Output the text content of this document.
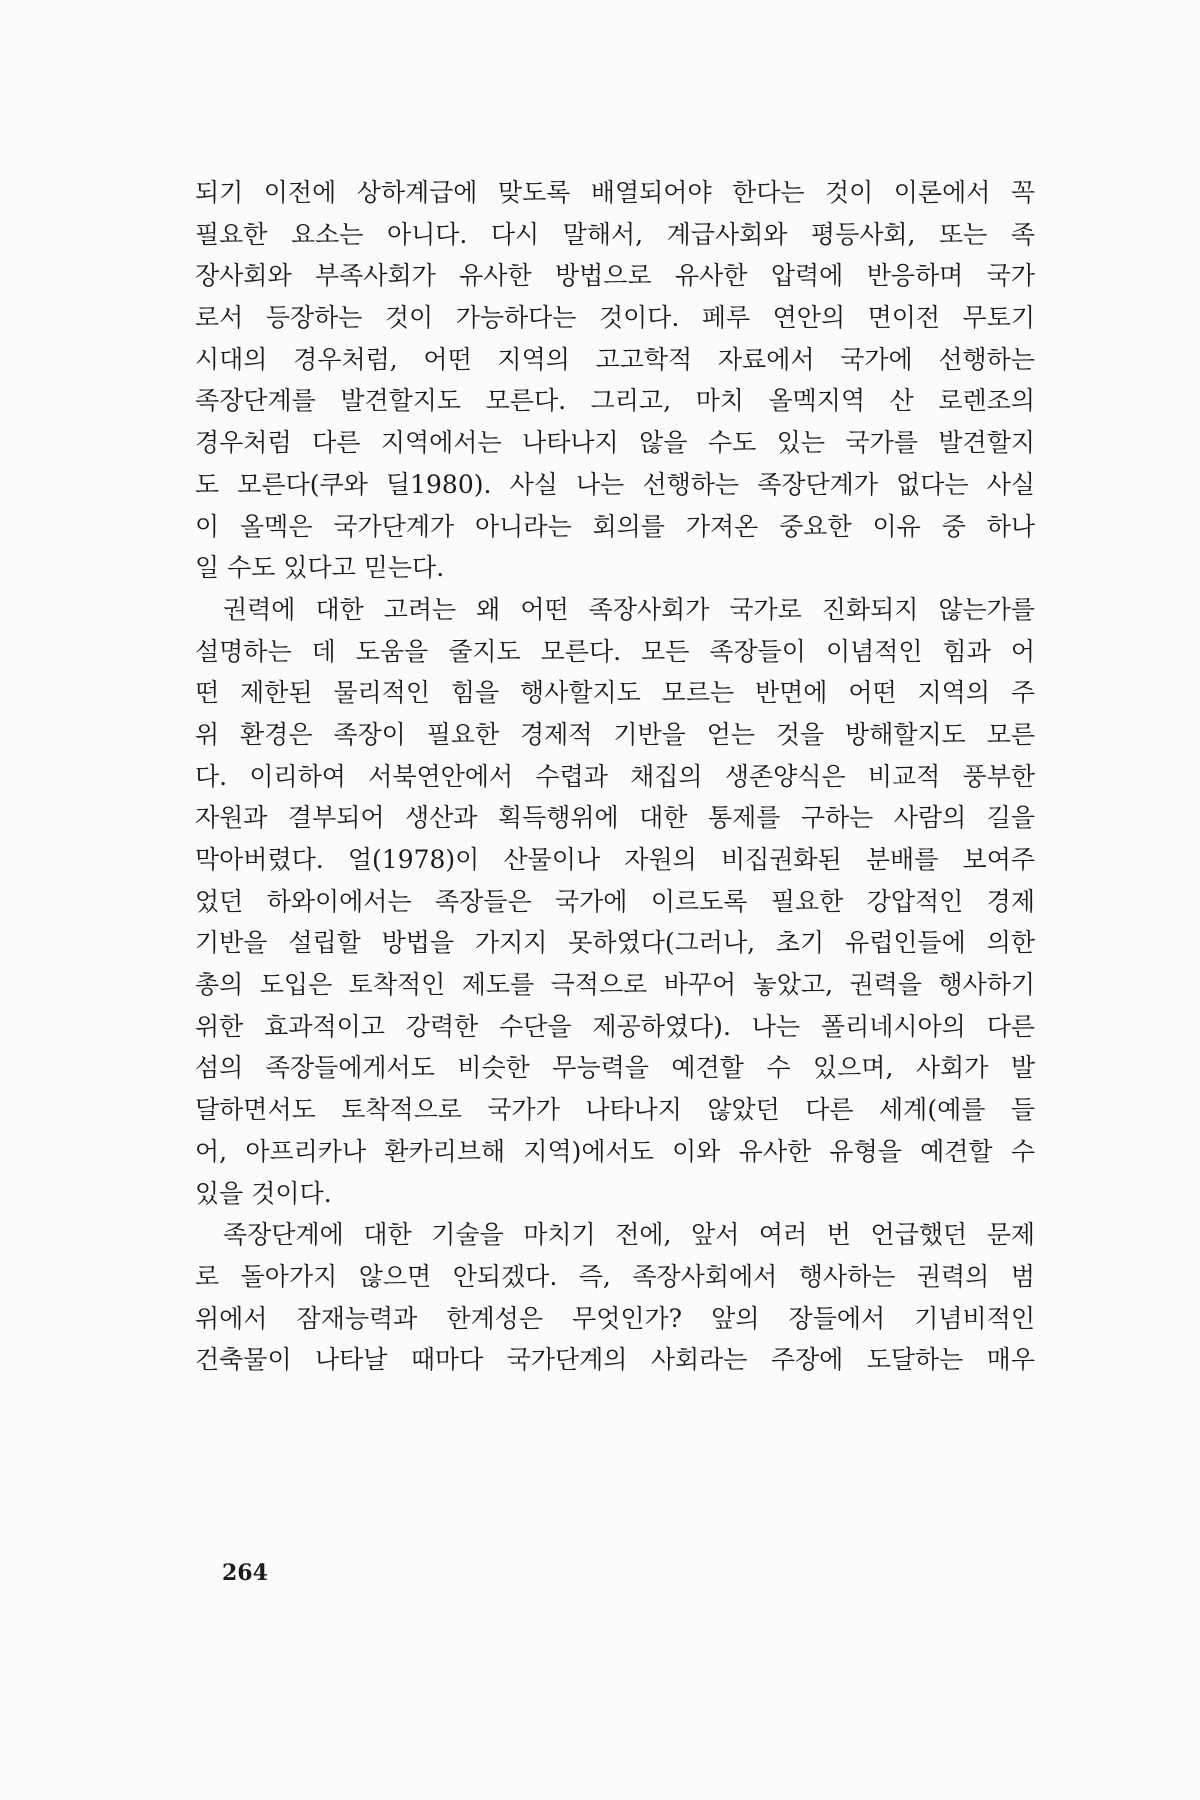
되기 이전에 상하계급에 맞도록 배열되어야 한다는 것이 이론에서 꼭
필요한 요소는 아니다. 다시 말해서, 계급사회와 평등사회, 또는 족
장사회와 부족사회가 유사한 방법으로 유사한 압력에 반응하며 국가
로서 등장하는 것이 가능하다는 것이다. 페루 연안의 면이전 무토기
시대의 경우처럼, 어떤 지역의 고고학적 자료에서 국가에 선행하는
족장단계를 발견할지도 모른다. 그리고, 마치 올멕지역 산 로렌조의
경우처럼 다른 지역에서는 나타나지 않을 수도 있는 국가를 발견할지
도 모른다(쿠와 딜1980). 사실 나는 선행하는 족장단계가 없다는 사실
이 올멕은 국가단계가 아니라는 회의를 가져온 중요한 이유 중 하나
일 수도 있다고 믿는다.
권력에 대한 고려는 왜 어떤 족장사회가 국가로 진화되지 않는가를
설명하는 데 도움을 줄지도 모른다. 모든 족장들이 이념적인 힘과 어
떤 제한된 물리적인 힘을 행사할지도 모르는 반면에 어떤 지역의 주
위 환경은 족장이 필요한 경제적 기반을 얻는 것을 방해할지도 모른
다. 이리하여 서북연안에서 수렵과 채집의 생존양식은 비교적 풍부한
자원과 결부되어 생산과 획득행위에 대한 통제를 구하는 사람의 길을
막아버렸다. 얼(1978)이 산물이나 자원의 비집권화된 분배를 보여주
었던 하와이에서는 족장들은 국가에 이르도록 필요한 강압적인 경제
기반을 설립할 방법을 가지지 못하였다(그러나, 초기 유럽인들에 의한
총의 도입은 토착적인 제도를 극적으로 바꾸어 놓았고, 권력을 행사하기
위한 효과적이고 강력한 수단을 제공하였다). 나는 폴리네시아의 다른
섬의 족장들에게서도 비슷한 무능력을 예견할 수 있으며, 사회가 발
달하면서도 토착적으로 국가가 나타나지 않았던 다른 세계(예를 들
어, 아프리카나 환카리브해 지역)에서도 이와 유사한 유형을 예견할 수
있을 것이다.
족장단계에 대한 기술을 마치기 전에, 앞서 여러 번 언급했던 문제
로 돌아가지 않으면 안되겠다. 즉, 족장사회에서 행사하는 권력의 범
위에서 잠재능력과 한계성은 무엇인가? 앞의 장들에서 기념비적인
건축물이 나타날 때마다 국가단계의 사회라는 주장에 도달하는 매우
264
